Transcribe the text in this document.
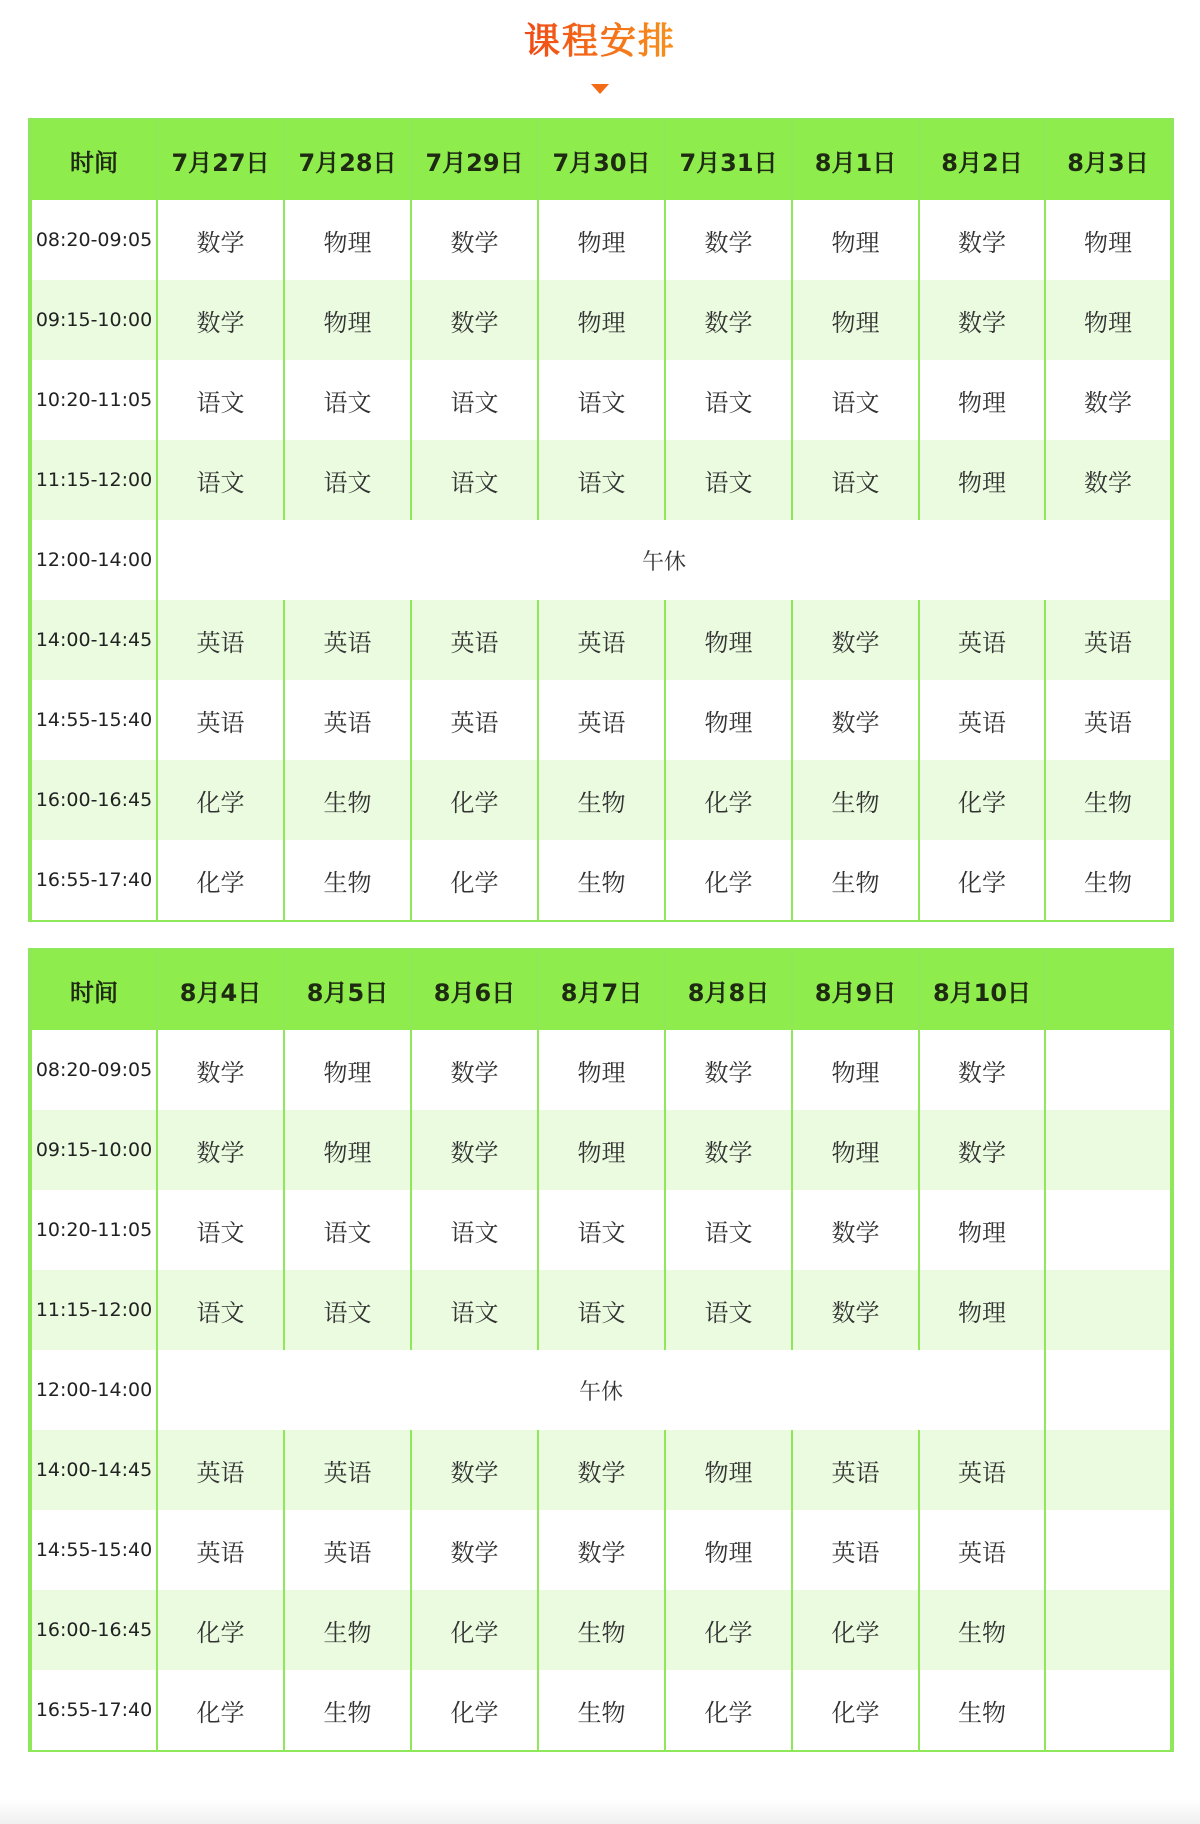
课程安排
时间	7月27日	7月28日	7月29日	7月30日	7月31日	8月1日	8月2日	8月3日
08:20-09:05	数学	物理	数学	物理	数学	物理	数学	物理
09:15-10:00	数学	物理	数学	物理	数学	物理	数学	物理
10:20-11:05	语文	语文	语文	语文	语文	语文	物理	数学
11:15-12:00	语文	语文	语文	语文	语文	语文	物理	数学
12:00-14:00	午休							
14:00-14:45	英语	英语	英语	英语	物理	数学	英语	英语
14:55-15:40	英语	英语	英语	英语	物理	数学	英语	英语
16:00-16:45	化学	生物	化学	生物	化学	生物	化学	生物
16:55-17:40	化学	生物	化学	生物	化学	生物	化学	生物
时间	8月4日	8月5日	8月6日	8月7日	8月8日	8月9日	8月10日	
08:20-09:05	数学	物理	数学	物理	数学	物理	数学	
09:15-10:00	数学	物理	数学	物理	数学	物理	数学	
10:20-11:05	语文	语文	语文	语文	语文	数学	物理	
11:15-12:00	语文	语文	语文	语文	语文	数学	物理	
12:00-14:00	午休							
14:00-14:45	英语	英语	数学	数学	物理	英语	英语	
14:55-15:40	英语	英语	数学	数学	物理	英语	英语	
16:00-16:45	化学	生物	化学	生物	化学	化学	生物	
16:55-17:40	化学	生物	化学	生物	化学	化学	生物	
